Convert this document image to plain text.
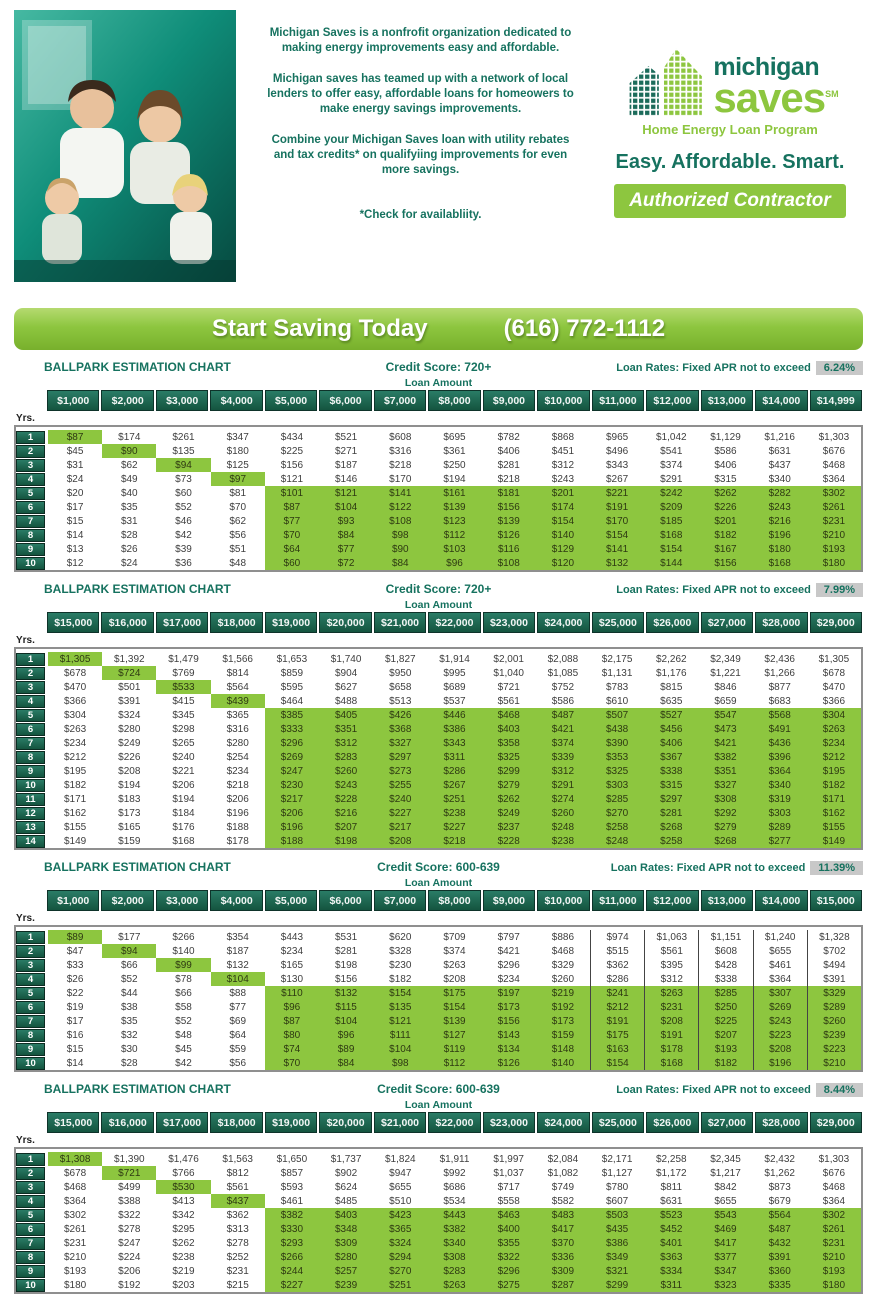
Michigan Saves is a nonfrofit organization dedicated to making energy improvements easy and affordable.

Michigan saves has teamed up with a network of local lenders to offer easy, affordable loans for homeowers to make energy savings improvements.

Combine your Michigan Saves loan with utility rebates and tax credits* on qualifyiing improvements for even more savings.

*Check for availabliity.

michigan
saves℠
Home Energy Loan Program
Easy. Affordable. Smart.
Authorized Contractor
Start Saving Today	(616) 772-1112
BALLPARK ESTIMATION CHART	Credit Score: 720+	Loan Rates: Fixed APR not to exceed 6.24%
Loan Amount
$1,000	$2,000	$3,000	$4,000	$5,000	$6,000	$7,000	$8,000	$9,000	$10,000	$11,000	$12,000	$13,000	$14,000	$14,999
Yrs.
1	$87	$174	$261	$347	$434	$521	$608	$695	$782	$868	$965	$1,042	$1,129	$1,216	$1,303
2	$45	$90	$135	$180	$225	$271	$316	$361	$406	$451	$496	$541	$586	$631	$676
3	$31	$62	$94	$125	$156	$187	$218	$250	$281	$312	$343	$374	$406	$437	$468
4	$24	$49	$73	$97	$121	$146	$170	$194	$218	$243	$267	$291	$315	$340	$364
5	$20	$40	$60	$81	$101	$121	$141	$161	$181	$201	$221	$242	$262	$282	$302
6	$17	$35	$52	$70	$87	$104	$122	$139	$156	$174	$191	$209	$226	$243	$261
7	$15	$31	$46	$62	$77	$93	$108	$123	$139	$154	$170	$185	$201	$216	$231
8	$14	$28	$42	$56	$70	$84	$98	$112	$126	$140	$154	$168	$182	$196	$210
9	$13	$26	$39	$51	$64	$77	$90	$103	$116	$129	$141	$154	$167	$180	$193
10	$12	$24	$36	$48	$60	$72	$84	$96	$108	$120	$132	$144	$156	$168	$180
BALLPARK ESTIMATION CHART	Credit Score: 720+	Loan Rates: Fixed APR not to exceed 7.99%
Loan Amount
$15,000	$16,000	$17,000	$18,000	$19,000	$20,000	$21,000	$22,000	$23,000	$24,000	$25,000	$26,000	$27,000	$28,000	$29,000
Yrs.
1	$1,305	$1,392	$1,479	$1,566	$1,653	$1,740	$1,827	$1,914	$2,001	$2,088	$2,175	$2,262	$2,349	$2,436	$1,305
2	$678	$724	$769	$814	$859	$904	$950	$995	$1,040	$1,085	$1,131	$1,176	$1,221	$1,266	$678
3	$470	$501	$533	$564	$595	$627	$658	$689	$721	$752	$783	$815	$846	$877	$470
4	$366	$391	$415	$439	$464	$488	$513	$537	$561	$586	$610	$635	$659	$683	$366
5	$304	$324	$345	$365	$385	$405	$426	$446	$468	$487	$507	$527	$547	$568	$304
6	$263	$280	$298	$316	$333	$351	$368	$386	$403	$421	$438	$456	$473	$491	$263
7	$234	$249	$265	$280	$296	$312	$327	$343	$358	$374	$390	$406	$421	$436	$234
8	$212	$226	$240	$254	$269	$283	$297	$311	$325	$339	$353	$367	$382	$396	$212
9	$195	$208	$221	$234	$247	$260	$273	$286	$299	$312	$325	$338	$351	$364	$195
10	$182	$194	$206	$218	$230	$243	$255	$267	$279	$291	$303	$315	$327	$340	$182
11	$171	$183	$194	$206	$217	$228	$240	$251	$262	$274	$285	$297	$308	$319	$171
12	$162	$173	$184	$196	$206	$216	$227	$238	$249	$260	$270	$281	$292	$303	$162
13	$155	$165	$176	$188	$196	$207	$217	$227	$237	$248	$258	$268	$279	$289	$155
14	$149	$159	$168	$178	$188	$198	$208	$218	$228	$238	$248	$258	$268	$277	$149
BALLPARK ESTIMATION CHART	Credit Score: 600-639	Loan Rates: Fixed APR not to exceed 11.39%
Loan Amount
$1,000	$2,000	$3,000	$4,000	$5,000	$6,000	$7,000	$8,000	$9,000	$10,000	$11,000	$12,000	$13,000	$14,000	$15,000
Yrs.
1	$89	$177	$266	$354	$443	$531	$620	$709	$797	$886	$974	$1,063	$1,151	$1,240	$1,328
2	$47	$94	$140	$187	$234	$281	$328	$374	$421	$468	$515	$561	$608	$655	$702
3	$33	$66	$99	$132	$165	$198	$230	$263	$296	$329	$362	$395	$428	$461	$494
4	$26	$52	$78	$104	$130	$156	$182	$208	$234	$260	$286	$312	$338	$364	$391
5	$22	$44	$66	$88	$110	$132	$154	$175	$197	$219	$241	$263	$285	$307	$329
6	$19	$38	$58	$77	$96	$115	$135	$154	$173	$192	$212	$231	$250	$269	$289
7	$17	$35	$52	$69	$87	$104	$121	$139	$156	$173	$191	$208	$225	$243	$260
8	$16	$32	$48	$64	$80	$96	$111	$127	$143	$159	$175	$191	$207	$223	$239
9	$15	$30	$45	$59	$74	$89	$104	$119	$134	$148	$163	$178	$193	$208	$223
10	$14	$28	$42	$56	$70	$84	$98	$112	$126	$140	$154	$168	$182	$196	$210
BALLPARK ESTIMATION CHART	Credit Score: 600-639	Loan Rates: Fixed APR not to exceed 8.44%
Loan Amount
$15,000	$16,000	$17,000	$18,000	$19,000	$20,000	$21,000	$22,000	$23,000	$24,000	$25,000	$26,000	$27,000	$28,000	$29,000
Yrs.
1	$1,308	$1,390	$1,476	$1,563	$1,650	$1,737	$1,824	$1,911	$1,997	$2,084	$2,171	$2,258	$2,345	$2,432	$1,303
2	$678	$721	$766	$812	$857	$902	$947	$992	$1,037	$1,082	$1,127	$1,172	$1,217	$1,262	$676
3	$468	$499	$530	$561	$593	$624	$655	$686	$717	$749	$780	$811	$842	$873	$468
4	$364	$388	$413	$437	$461	$485	$510	$534	$558	$582	$607	$631	$655	$679	$364
5	$302	$322	$342	$362	$382	$403	$423	$443	$463	$483	$503	$523	$543	$564	$302
6	$261	$278	$295	$313	$330	$348	$365	$382	$400	$417	$435	$452	$469	$487	$261
7	$231	$247	$262	$278	$293	$309	$324	$340	$355	$370	$386	$401	$417	$432	$231
8	$210	$224	$238	$252	$266	$280	$294	$308	$322	$336	$349	$363	$377	$391	$210
9	$193	$206	$219	$231	$244	$257	$270	$283	$296	$309	$321	$334	$347	$360	$193
10	$180	$192	$203	$215	$227	$239	$251	$263	$275	$287	$299	$311	$323	$335	$180
